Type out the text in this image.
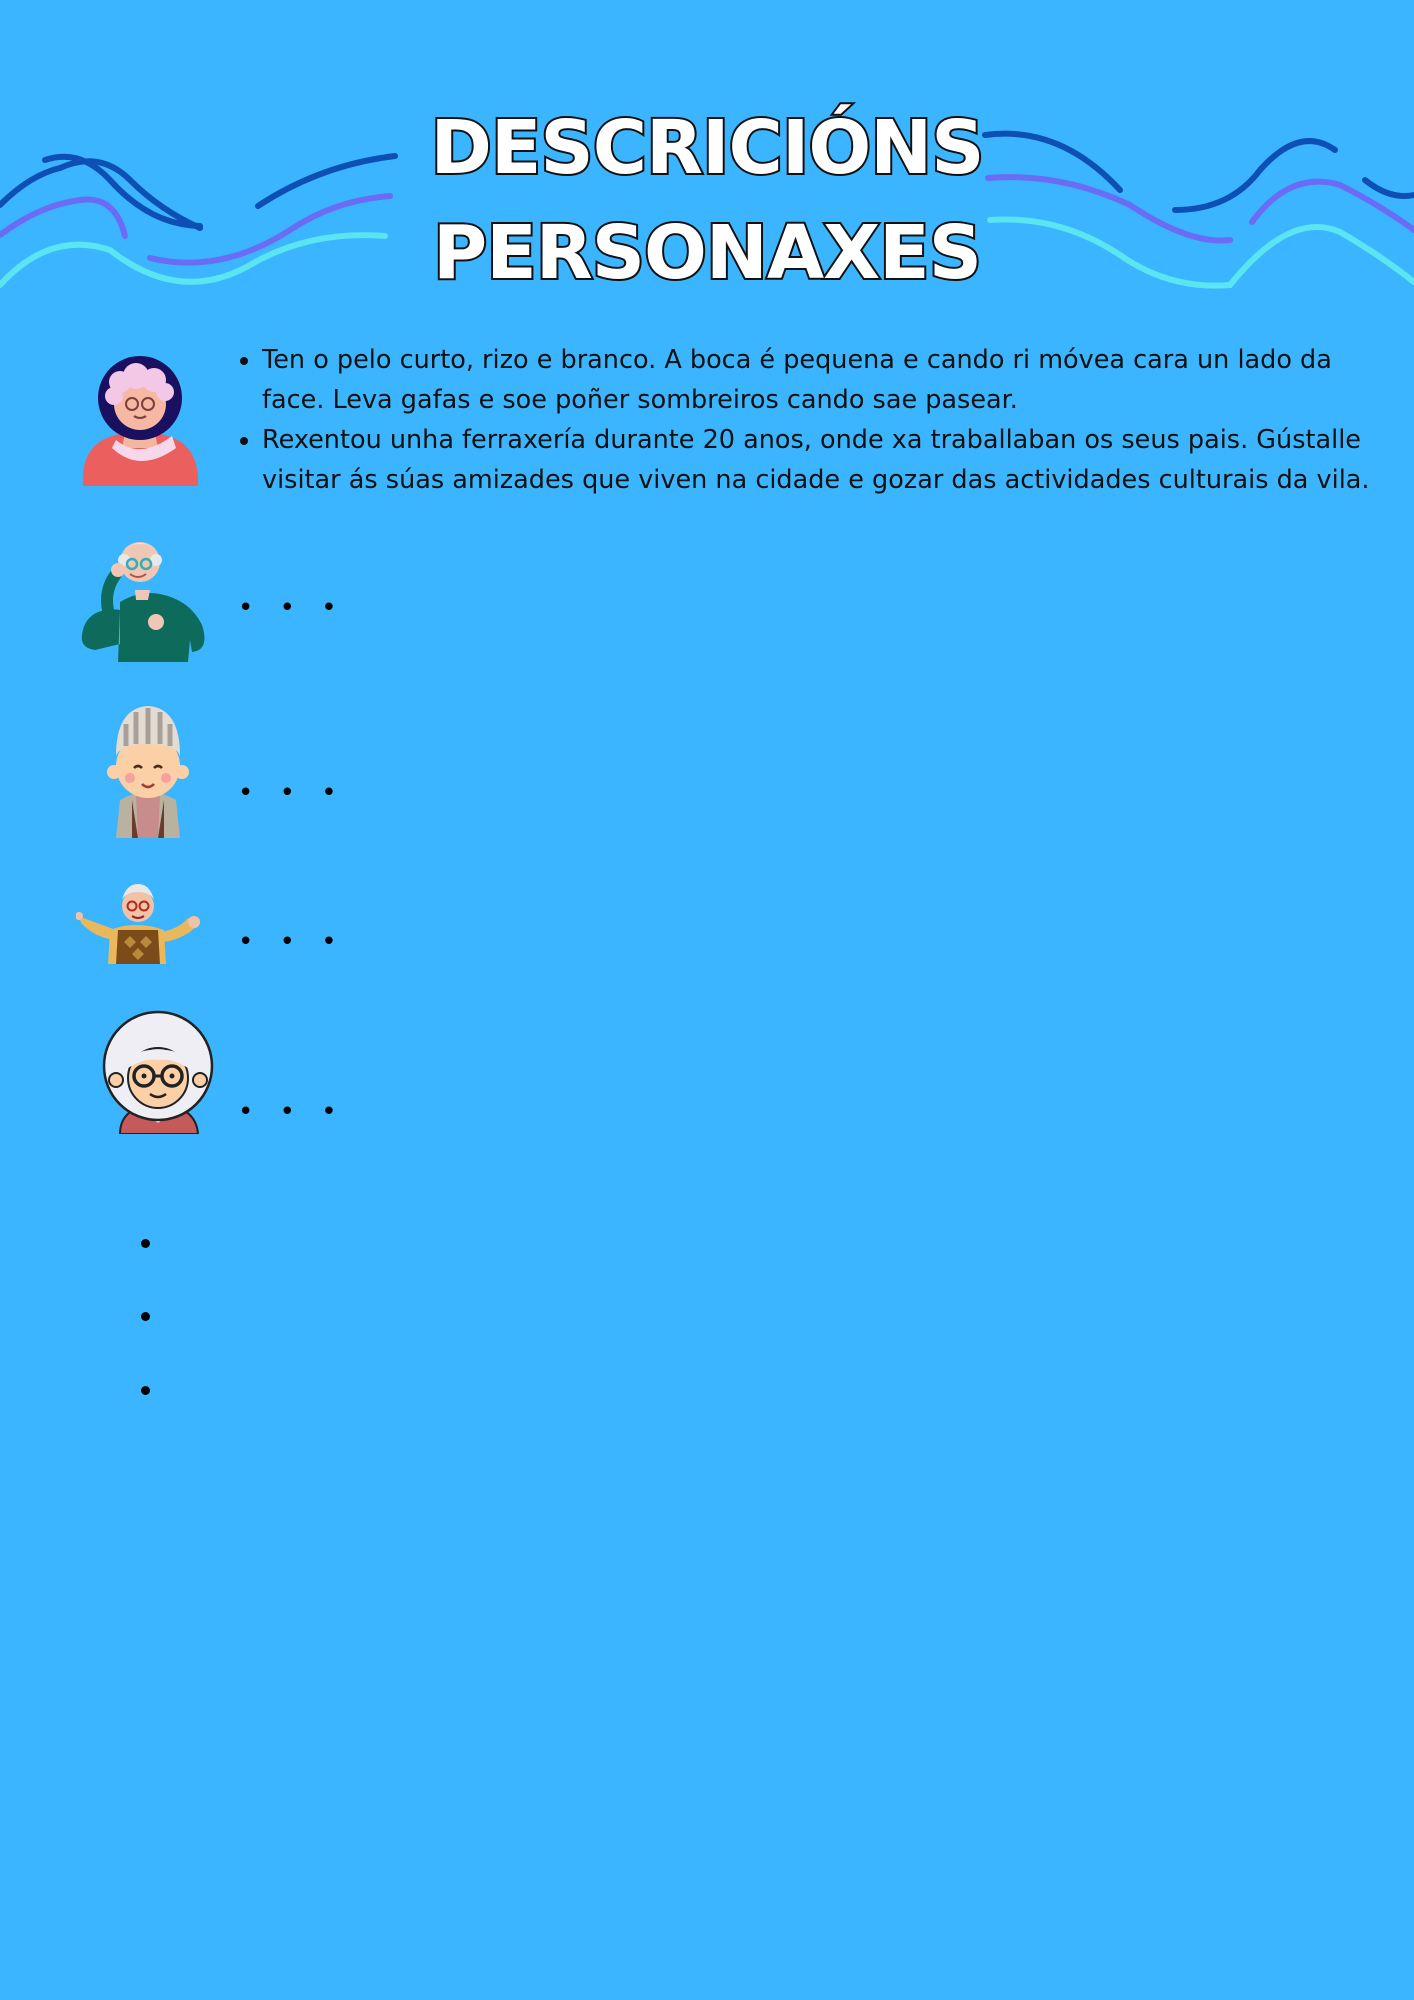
DESCRICIÓNS
PERSONAXES
• Ten o pelo curto, rizo e branco. A boca é pequena e cando ri móvea cara un lado da face. Leva gafas e soe poñer sombreiros cando sae pasear.
• Rexentou unha ferraxería durante 20 anos, onde xa traballaban os seus pais. Gústalle visitar ás súas amizades que viven na cidade e gozar das actividades culturais da vila.
• • •
• • •
• • •
• • •
